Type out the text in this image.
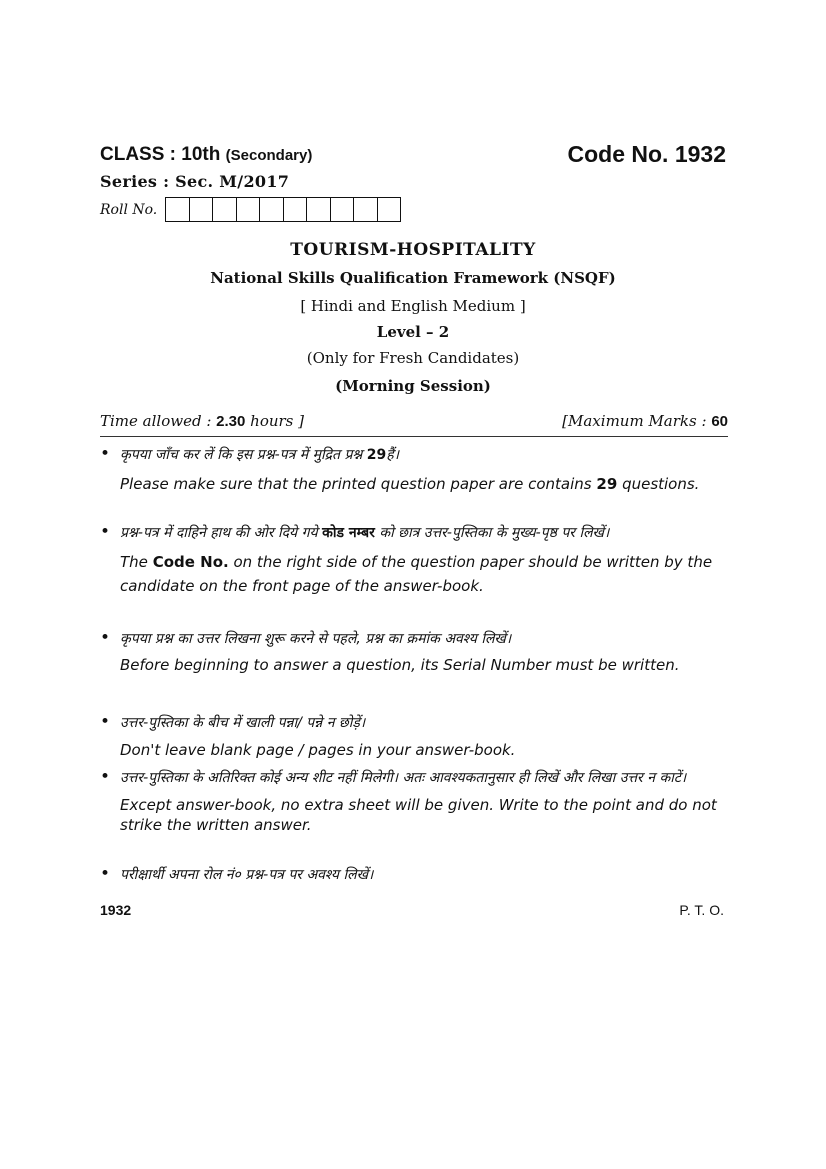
CLASS : 10th (Secondary)	Code No. 1932
Series : Sec. M/2017
Roll No.
TOURISM-HOSPITALITY
National Skills Qualification Framework (NSQF)
[ Hindi and English Medium ]
Level – 2
(Only for Fresh Candidates)
(Morning Session)
Time allowed : 2.30 hours ]	[Maximum Marks : 60
• कृपया जाँच कर लें कि इस प्रश्न-पत्र में मुद्रित प्रश्न 29हैं।
Please make sure that the printed question paper are contains 29 questions.
• प्रश्न-पत्र में दाहिने हाथ की ओर दिये गये कोड नम्बर को छात्र उत्तर-पुस्तिका के मुख्य-पृष्ठ पर लिखें।
The Code No. on the right side of the question paper should be written by the candidate on the front page of the answer-book.
• कृपया प्रश्न का उत्तर लिखना शुरू करने से पहले, प्रश्न का क्रमांक अवश्य लिखें।
Before beginning to answer a question, its Serial Number must be written.
• उत्तर-पुस्तिका के बीच में खाली पन्ना/ पन्ने न छोड़ें।
Don't leave blank page / pages in your answer-book.
• उत्तर-पुस्तिका के अतिरिक्त कोई अन्य शीट नहीं मिलेगी। अतः आवश्यकतानुसार ही लिखें और लिखा उत्तर न काटें।
Except answer-book, no extra sheet will be given. Write to the point and do not strike the written answer.
• परीक्षार्थी अपना रोल नं० प्रश्न-पत्र पर अवश्य लिखें।
1932	P. T. O.
